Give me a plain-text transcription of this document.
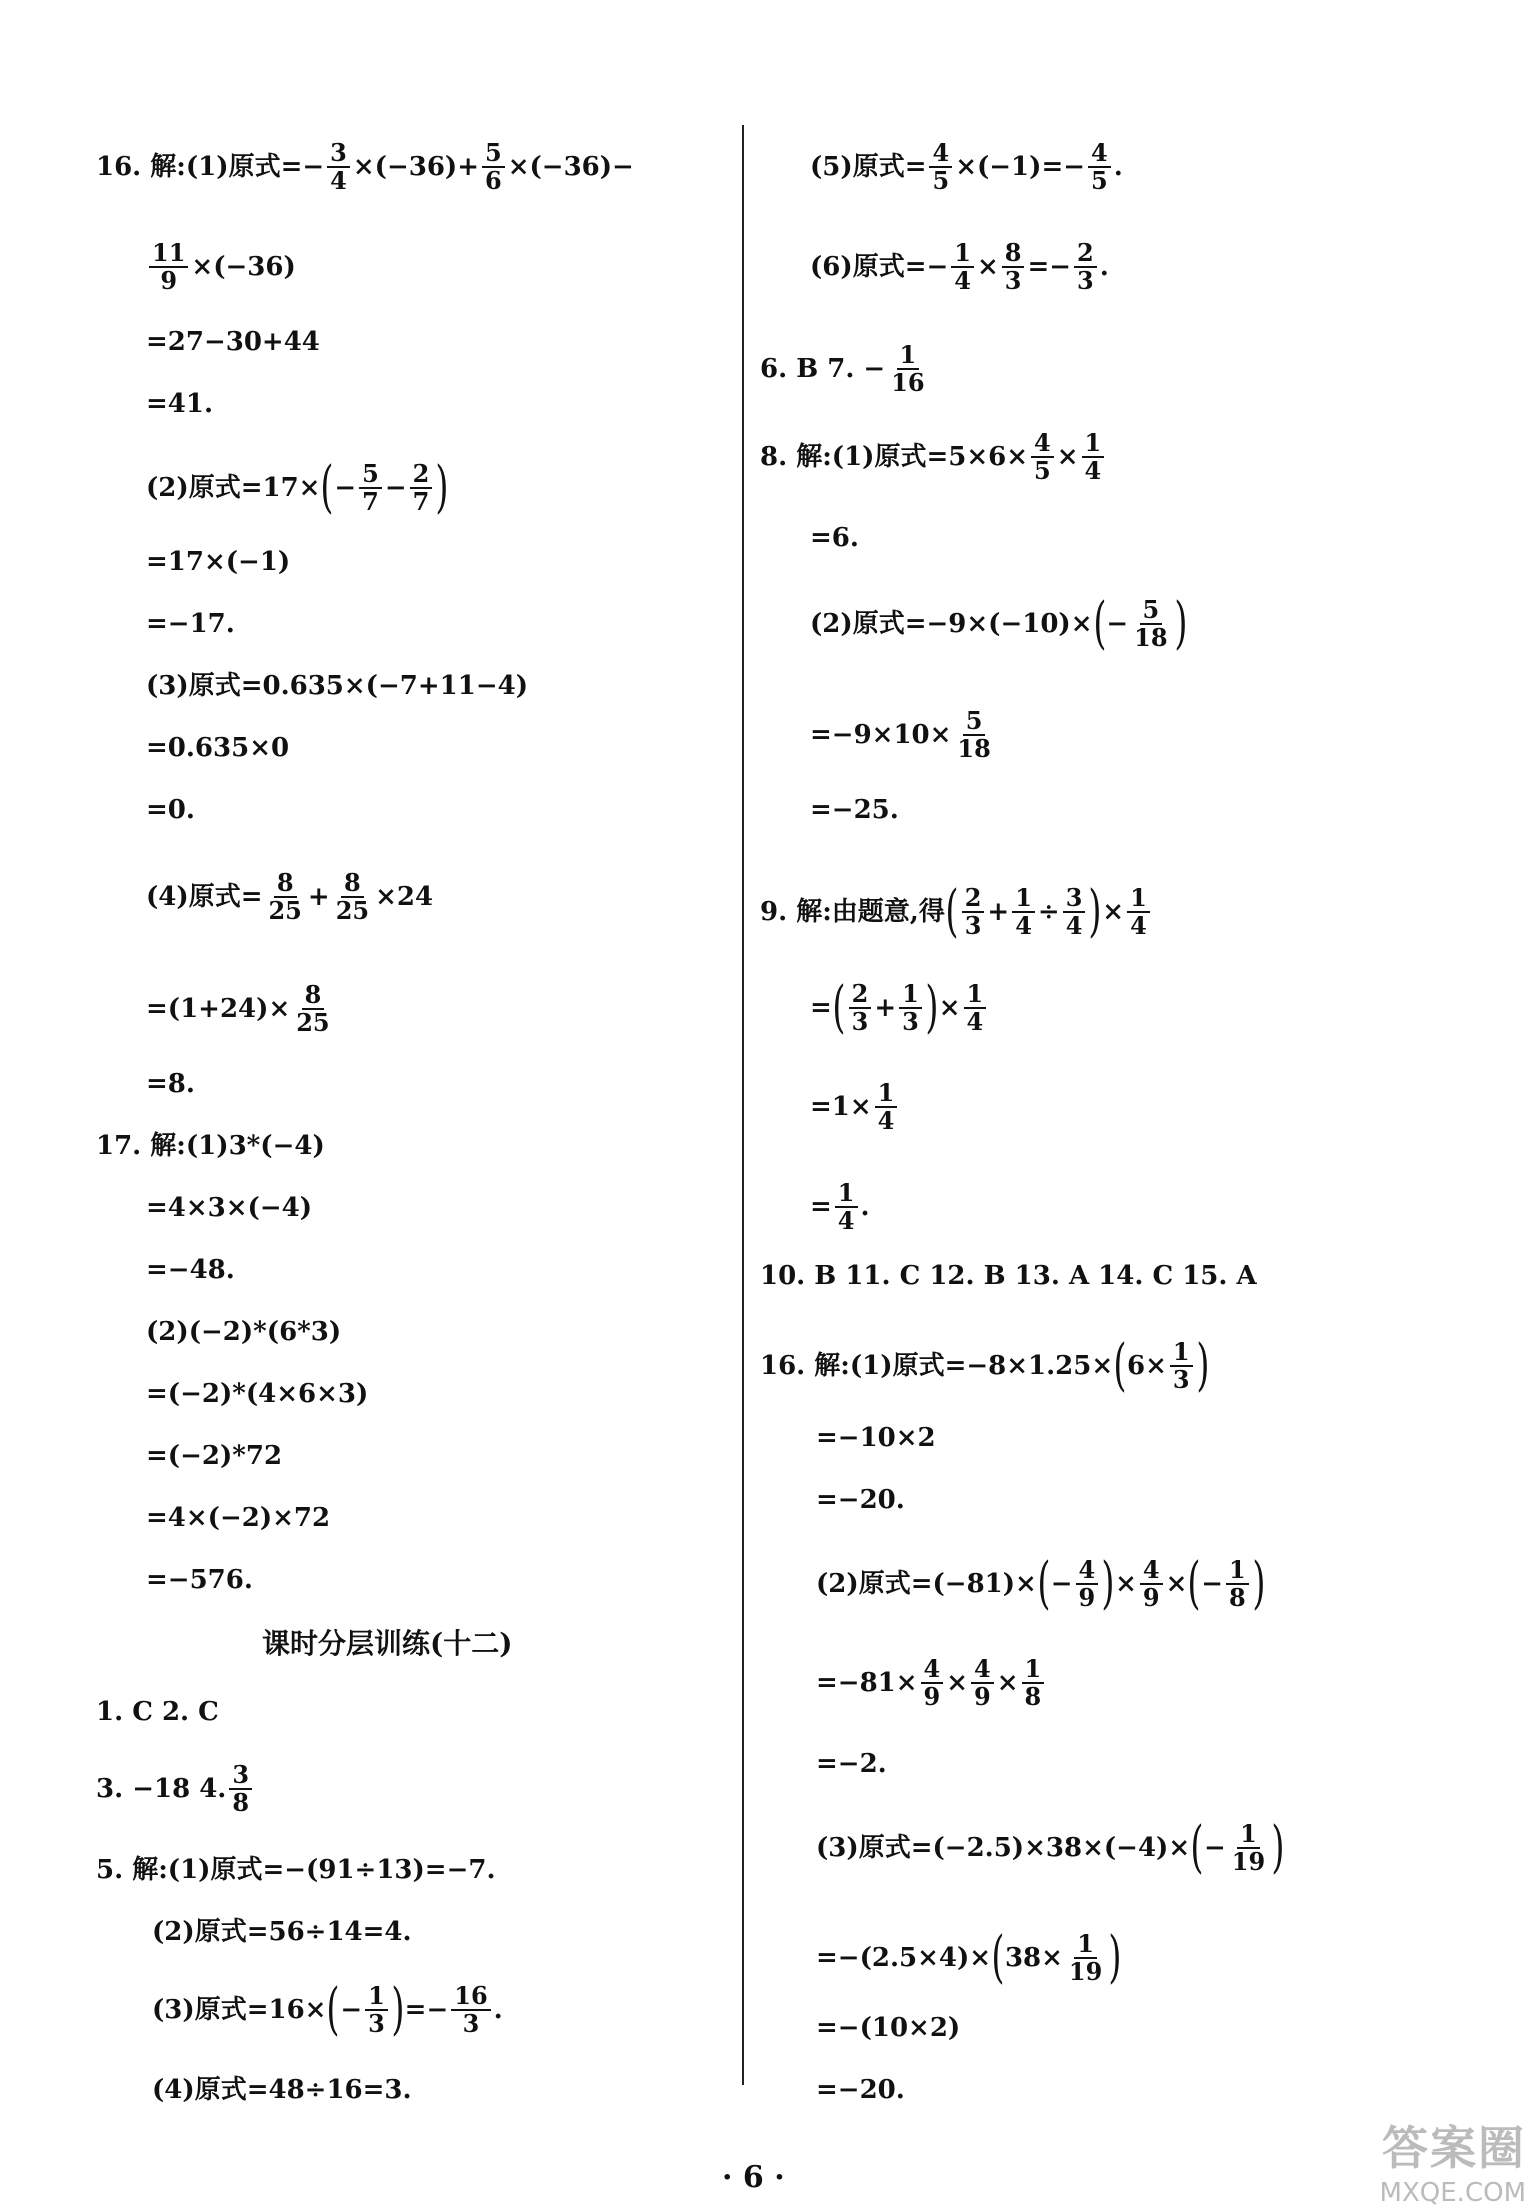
16. 解:(1)原式=− $\frac{3}{4} \times(-36)+ \frac{5}{6} \times(-36)-$
$\frac{11}{9} \times(-36)$
=27−30+44
=41.
(2)原式=17× ( − $\frac{5}{7} - \frac{2}{7}$ )
=17×(−1)
=−17.
(3)原式=0.635×(−7+11−4)
=0.635×0
=0.
(4)原式= $\frac{8}{25} + \frac{8}{25} \times 24$
$=(1+24)\times \frac{8}{25}$
=8.
17. 解:(1)3*(−4)
=4×3×(−4)
=−48.
(2)(−2)*(6*3)
=(−2)*(4×6×3)
=(−2)*72
=4×(−2)×72
=−576.
课时分层训练(十二)
1. C 2. C
3. −18 4. $\frac{3}{8}$
5. 解:(1)原式=−(91÷13)=−7.
(2)原式=56÷14=4.
(3)原式=16× ( − $\frac{1}{3}$ ) =− $\frac{16}{3}$ .
(4)原式=48÷16=3.
(5)原式= $\frac{4}{5} \times(-1)=- \frac{4}{5}$ .
(6)原式=− $\frac{1}{4} \times \frac{8}{3} =- \frac{2}{3}$ .
6. B 7. − $\frac{1}{16}$
8. 解:(1)原式$=5\times 6\times \frac{4}{5} \times \frac{1}{4}$
=6.
(2)原式=−9×(−10)× ( − $\frac{5}{18}$ )
$=-9\times 10\times \frac{5}{18}$
=−25.
9. 解:由题意,得 ( $\frac{2}{3} + \frac{1}{4} \div \frac{3}{4}$ ) × $\frac{1}{4}$
= ( $\frac{2}{3} + \frac{1}{3}$ ) × $\frac{1}{4}$
$=1\times \frac{1}{4}$
= $\frac{1}{4}$ .
10. B 11. C 12. B 13. A 14. C 15. A
16. 解:(1)原式=−8×1.25× ( $6\times \frac{1}{3}$ )
=−10×2
=−20.
(2)原式=(−81)× ( − $\frac{4}{9}$ ) × $\frac{4}{9}$ × ( − $\frac{1}{8}$ )
$=-81\times \frac{4}{9} \times \frac{4}{9} \times \frac{1}{8}$
=−2.
(3)原式=(−2.5)×38×(−4)× ( − $\frac{1}{19}$ )
=−(2.5×4)× ( $38\times \frac{1}{19}$ )
=−(10×2)
=−20.
· 6 ·
答案圈
MXQE.COM
